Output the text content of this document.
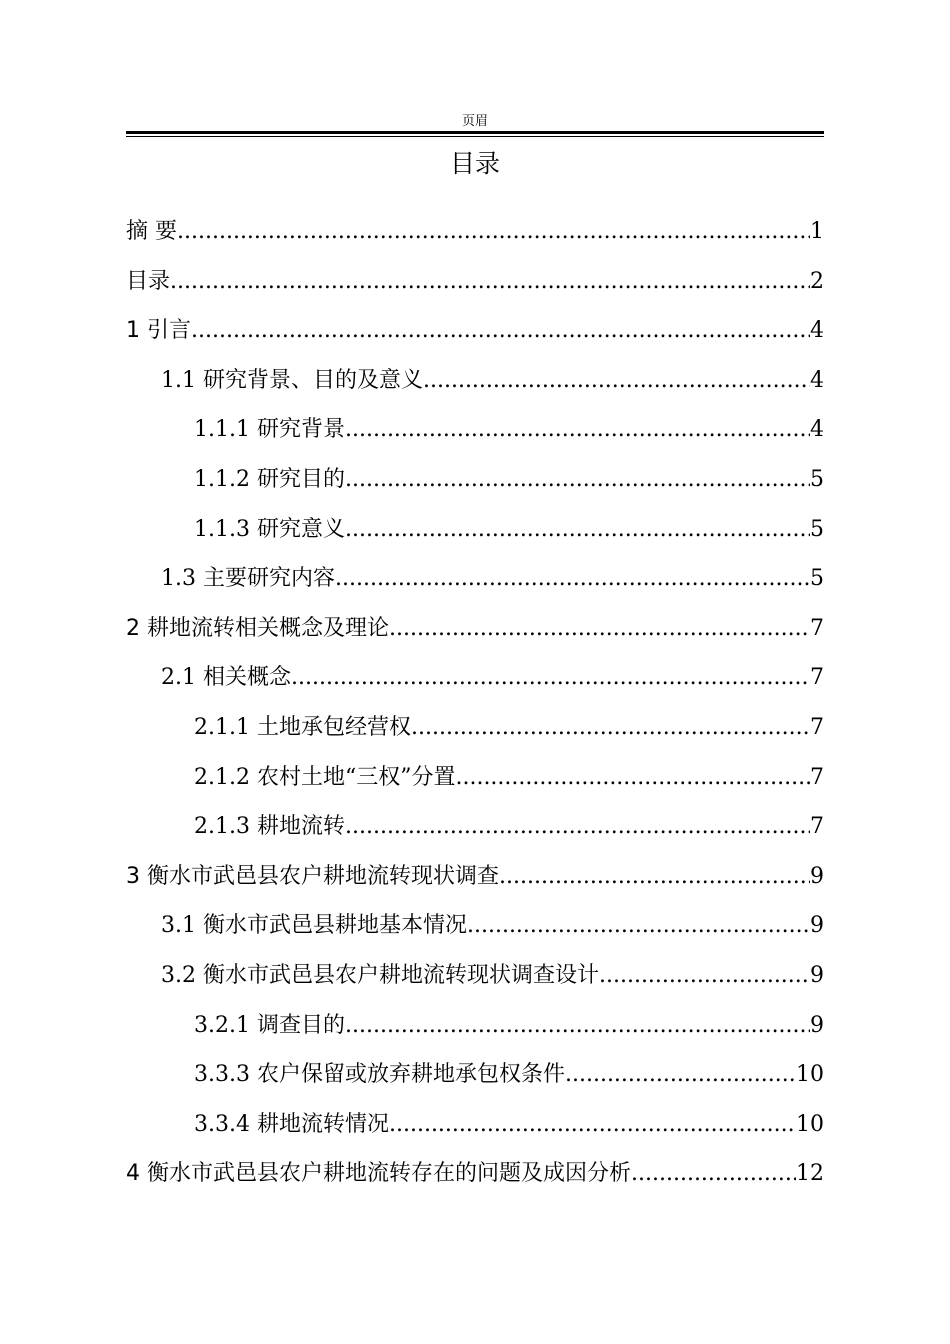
页眉
目录
摘 要 .....	1
目录 .....	2
1 引言 .....	4
1.1 研究背景、目的及意义 .....	4
1.1.1 研究背景 .....	4
1.1.2 研究目的 .....	5
1.1.3 研究意义 .....	5
1.3 主要研究内容 .....	5
2 耕地流转相关概念及理论 .....	7
2.1 相关概念 .....	7
2.1.1 土地承包经营权 .....	7
2.1.2 农村土地“三权”分置 .....	7
2.1.3 耕地流转 .....	7
3 衡水市武邑县农户耕地流转现状调查 .....	9
3.1 衡水市武邑县耕地基本情况 .....	9
3.2 衡水市武邑县农户耕地流转现状调查设计 .....	9
3.2.1 调查目的 .....	9
3.3.3 农户保留或放弃耕地承包权条件 .....	10
3.3.4 耕地流转情况 .....	10
4 衡水市武邑县农户耕地流转存在的问题及成因分析 .....	12
